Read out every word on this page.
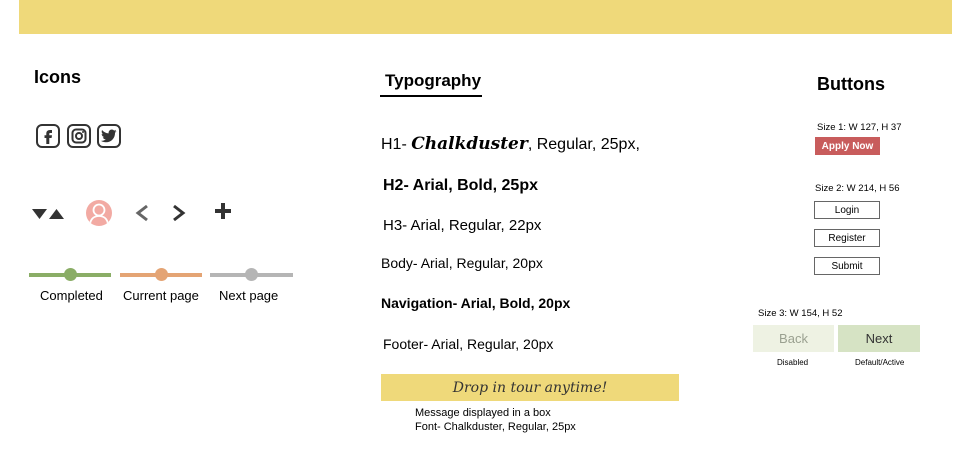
Icons
Completed Current page Next page
Typography
H1- Chalkduster, Regular, 25px,
H2- Arial, Bold, 25px
H3- Arial, Regular, 22px
Body- Arial, Regular, 20px
Navigation- Arial, Bold, 20px
Footer- Arial, Regular, 20px
Drop in tour anytime!
Message displayed in a box
Font- Chalkduster, Regular, 25px
Buttons
Size 1: W 127, H 37
Apply Now
Size 2: W 214, H 56
Login
Register
Submit
Size 3: W 154, H 52
Back	Next
Disabled	Default/Active
